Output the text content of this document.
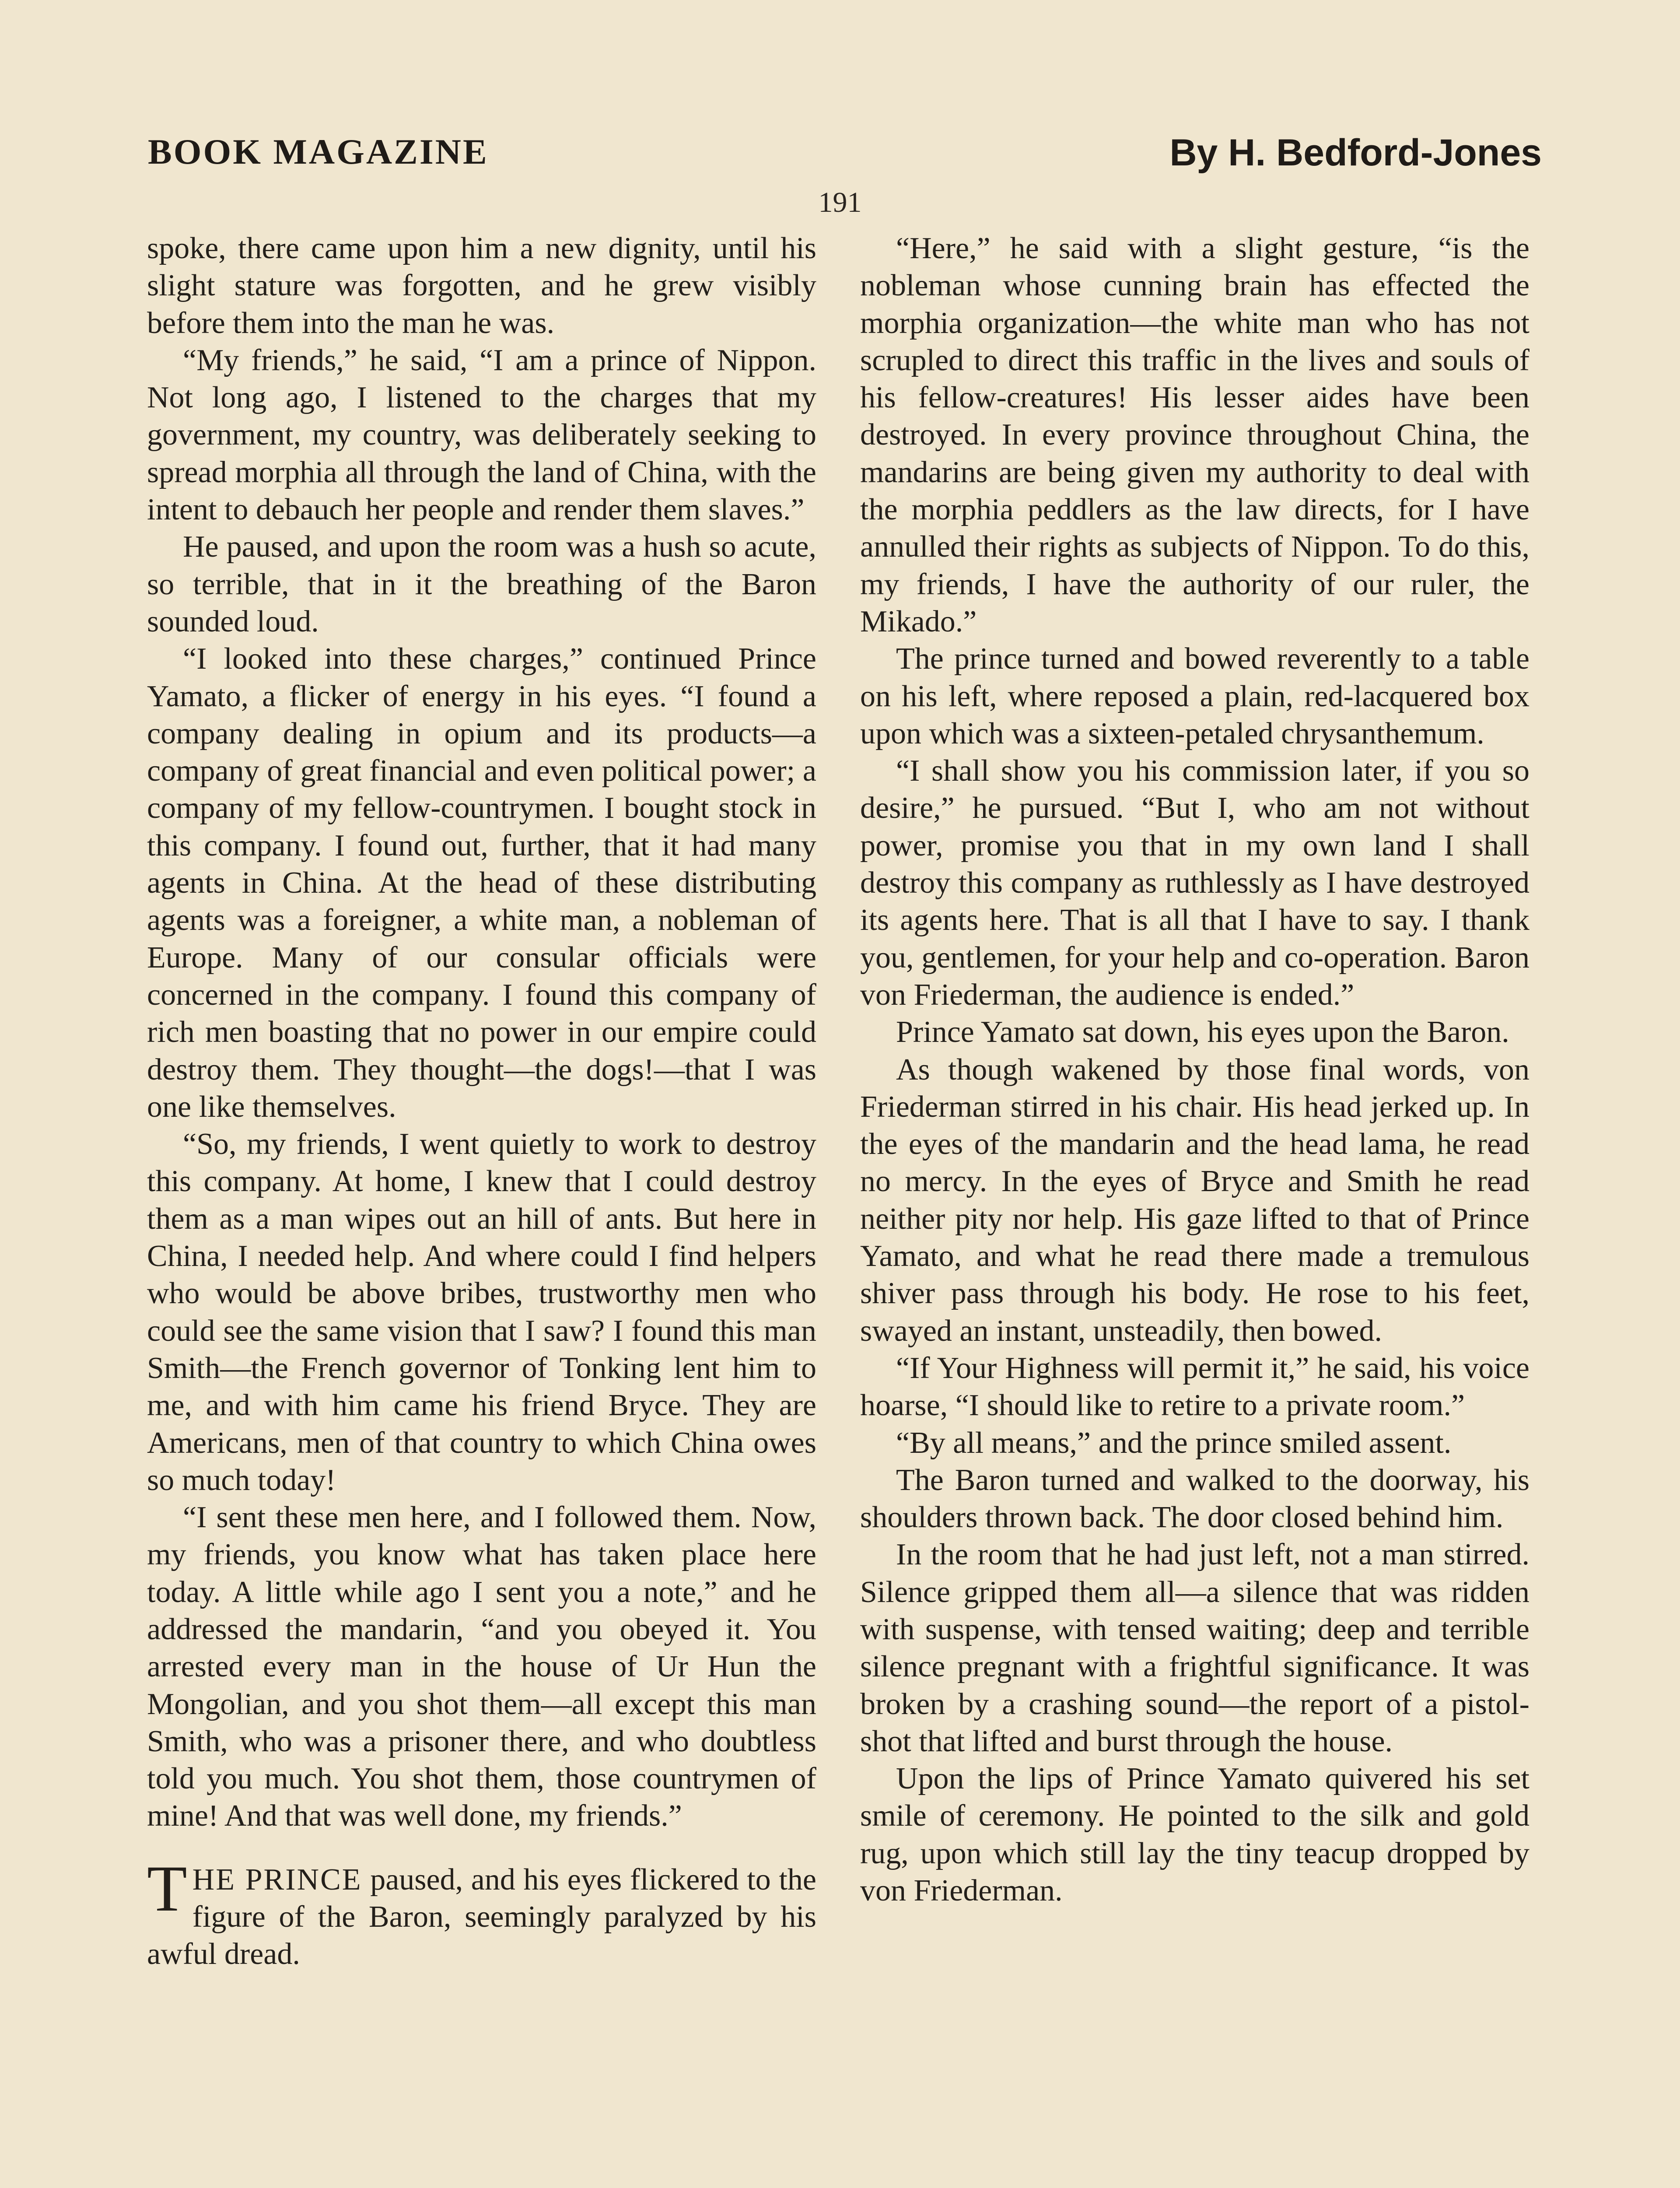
BOOK MAGAZINE	By H. Bedford-Jones
191

spoke, there came upon him a new dignity, until his slight stature was forgotten, and he grew visibly before them into the man he was.

“My friends,” he said, “I am a prince of Nippon. Not long ago, I listened to the charges that my government, my country, was deliberately seeking to spread morphia all through the land of China, with the intent to debauch her people and render them slaves.”

He paused, and upon the room was a hush so acute, so terrible, that in it the breathing of the Baron sounded loud.

“I looked into these charges,” continued Prince Yamato, a flicker of energy in his eyes. “I found a company dealing in opium and its products—a company of great financial and even political power; a company of my fellow-countrymen. I bought stock in this company. I found out, further, that it had many agents in China. At the head of these distributing agents was a foreigner, a white man, a nobleman of Europe. Many of our consular officials were concerned in the company. I found this company of rich men boasting that no power in our empire could destroy them. They thought—the dogs!—that I was one like themselves.

“So, my friends, I went quietly to work to destroy this company. At home, I knew that I could destroy them as a man wipes out an hill of ants. But here in China, I needed help. And where could I find helpers who would be above bribes, trustworthy men who could see the same vision that I saw? I found this man Smith—the French governor of Tonking lent him to me, and with him came his friend Bryce. They are Americans, men of that country to which China owes so much today!

“I sent these men here, and I followed them. Now, my friends, you know what has taken place here today. A little while ago I sent you a note,” and he addressed the mandarin, “and you obeyed it. You arrested every man in the house of Ur Hun the Mongolian, and you shot them—all except this man Smith, who was a prisoner there, and who doubtless told you much. You shot them, those countrymen of mine! And that was well done, my friends.”

THE PRINCE paused, and his eyes flickered to the figure of the Baron, seemingly paralyzed by his awful dread.

“Here,” he said with a slight gesture, “is the nobleman whose cunning brain has effected the morphia organization—the white man who has not scrupled to direct this traffic in the lives and souls of his fellow-creatures! His lesser aides have been destroyed. In every province throughout China, the mandarins are being given my authority to deal with the morphia peddlers as the law directs, for I have annulled their rights as subjects of Nippon. To do this, my friends, I have the authority of our ruler, the Mikado.”

The prince turned and bowed reverently to a table on his left, where reposed a plain, red-lacquered box upon which was a sixteen-petaled chrysanthemum.

“I shall show you his commission later, if you so desire,” he pursued. “But I, who am not without power, promise you that in my own land I shall destroy this company as ruthlessly as I have destroyed its agents here. That is all that I have to say. I thank you, gentlemen, for your help and co-operation. Baron von Friederman, the audience is ended.”

Prince Yamato sat down, his eyes upon the Baron.

As though wakened by those final words, von Friederman stirred in his chair. His head jerked up. In the eyes of the mandarin and the head lama, he read no mercy. In the eyes of Bryce and Smith he read neither pity nor help. His gaze lifted to that of Prince Yamato, and what he read there made a tremulous shiver pass through his body. He rose to his feet, swayed an instant, unsteadily, then bowed.

“If Your Highness will permit it,” he said, his voice hoarse, “I should like to retire to a private room.”

“By all means,” and the prince smiled assent.

The Baron turned and walked to the doorway, his shoulders thrown back. The door closed behind him.

In the room that he had just left, not a man stirred. Silence gripped them all—a silence that was ridden with suspense, with tensed waiting; deep and terrible silence pregnant with a frightful significance. It was broken by a crashing sound—the report of a pistol-shot that lifted and burst through the house.

Upon the lips of Prince Yamato quivered his set smile of ceremony. He pointed to the silk and gold rug, upon which still lay the tiny teacup dropped by von Friederman.
